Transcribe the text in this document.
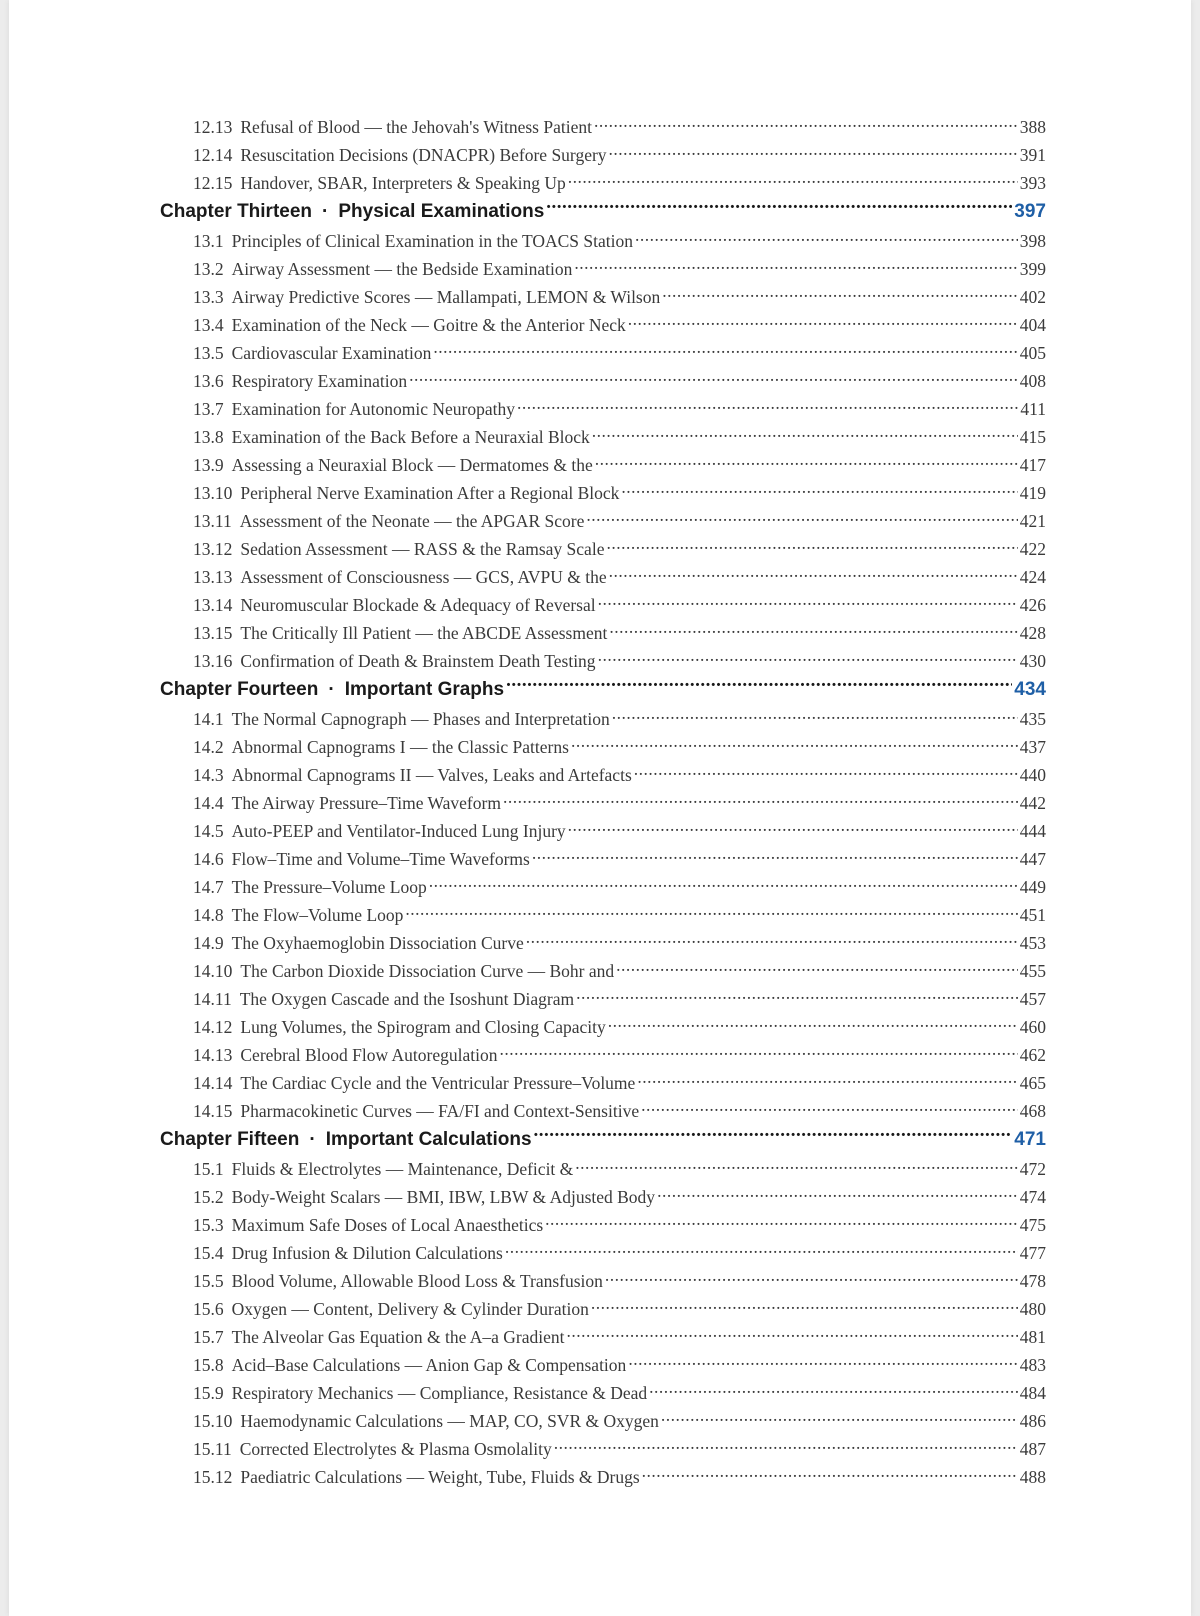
12.13 Refusal of Blood — the Jehovah's Witness Patient .....	388
12.14 Resuscitation Decisions (DNACPR) Before Surgery .....	391
12.15 Handover, SBAR, Interpreters & Speaking Up .....	393
Chapter Thirteen · Physical Examinations .....	397
13.1 Principles of Clinical Examination in the TOACS Station .....	398
13.2 Airway Assessment — the Bedside Examination .....	399
13.3 Airway Predictive Scores — Mallampati, LEMON & Wilson .....	402
13.4 Examination of the Neck — Goitre & the Anterior Neck .....	404
13.5 Cardiovascular Examination .....	405
13.6 Respiratory Examination .....	408
13.7 Examination for Autonomic Neuropathy .....	411
13.8 Examination of the Back Before a Neuraxial Block .....	415
13.9 Assessing a Neuraxial Block — Dermatomes & the .....	417
13.10 Peripheral Nerve Examination After a Regional Block .....	419
13.11 Assessment of the Neonate — the APGAR Score .....	421
13.12 Sedation Assessment — RASS & the Ramsay Scale .....	422
13.13 Assessment of Consciousness — GCS, AVPU & the .....	424
13.14 Neuromuscular Blockade & Adequacy of Reversal .....	426
13.15 The Critically Ill Patient — the ABCDE Assessment .....	428
13.16 Confirmation of Death & Brainstem Death Testing .....	430
Chapter Fourteen · Important Graphs .....	434
14.1 The Normal Capnograph — Phases and Interpretation .....	435
14.2 Abnormal Capnograms I — the Classic Patterns .....	437
14.3 Abnormal Capnograms II — Valves, Leaks and Artefacts .....	440
14.4 The Airway Pressure–Time Waveform .....	442
14.5 Auto-PEEP and Ventilator-Induced Lung Injury .....	444
14.6 Flow–Time and Volume–Time Waveforms .....	447
14.7 The Pressure–Volume Loop .....	449
14.8 The Flow–Volume Loop .....	451
14.9 The Oxyhaemoglobin Dissociation Curve .....	453
14.10 The Carbon Dioxide Dissociation Curve — Bohr and .....	455
14.11 The Oxygen Cascade and the Isoshunt Diagram .....	457
14.12 Lung Volumes, the Spirogram and Closing Capacity .....	460
14.13 Cerebral Blood Flow Autoregulation .....	462
14.14 The Cardiac Cycle and the Ventricular Pressure–Volume .....	465
14.15 Pharmacokinetic Curves — FA/FI and Context-Sensitive .....	468
Chapter Fifteen · Important Calculations .....	471
15.1 Fluids & Electrolytes — Maintenance, Deficit & .....	472
15.2 Body-Weight Scalars — BMI, IBW, LBW & Adjusted Body .....	474
15.3 Maximum Safe Doses of Local Anaesthetics .....	475
15.4 Drug Infusion & Dilution Calculations .....	477
15.5 Blood Volume, Allowable Blood Loss & Transfusion .....	478
15.6 Oxygen — Content, Delivery & Cylinder Duration .....	480
15.7 The Alveolar Gas Equation & the A–a Gradient .....	481
15.8 Acid–Base Calculations — Anion Gap & Compensation .....	483
15.9 Respiratory Mechanics — Compliance, Resistance & Dead .....	484
15.10 Haemodynamic Calculations — MAP, CO, SVR & Oxygen .....	486
15.11 Corrected Electrolytes & Plasma Osmolality .....	487
15.12 Paediatric Calculations — Weight, Tube, Fluids & Drugs .....	488
